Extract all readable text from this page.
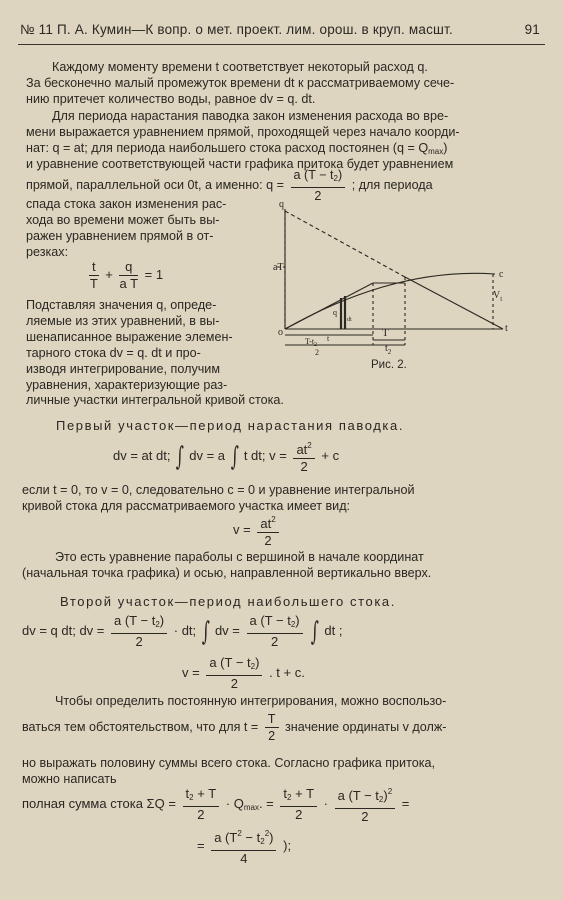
№ 11 П. А. Кумин—К вопр. о мет. проект. лим. орош. в круп. масшт.	91
Каждому моменту времени t соответствует некоторый расход q.
За бесконечно малый промежуток времени dt к рассматриваемому сече-
нию притечет количество воды, равное dv = q. dt.
Для периода нарастания паводка закон изменения расхода во вре-
мени выражается уравнением прямой, проходящей через начало коорди-
нат: q = at; для периода наибольшего стока расход постоянен $(q = Q_{max})$
и уравнение соответствующей части графика притока будет уравнением
прямой, параллельной оси 0t, а именно: $q = \frac{a (T - t_2)}{2}$ ; для периода
спада стока закон изменения рас-
хода во времени может быть вы-
ражен уравнением прямой в от-
резках:
$\frac{t}{T} + \frac{q}{\text{a T}} = 1$
Подставляя значения q, опреде-
ляемые из этих уравнений, в вы-
шенаписанное выражение элемен-
тарного стока dv = q. dt и про-
изводя интегрирование, получим
уравнения, характеризующие раз-
личные участки интегральной кривой стока.
q
aT
o	t
T
t
$t_2$
$V_t$
c
q
dt
$T-t_2$
2
Рис. 2.
Первый участок—период нарастания паводка.
dv = at dt; ∫ dv = a ∫ t dt; $v = \frac{at^2}{2} + c$
если t = 0, то v = 0, следовательно c = 0 и уравнение интегральной
кривой стока для рассматриваемого участка имеет вид:
$v = \frac{at^2}{2}$
Это есть уравнение параболы с вершиной в начале координат
(начальная точка графика) и осью, направленной вертикально вверх.
Второй участок—период наибольшего стока.
dv = q dt; dv = $\frac{a (T - t_2)}{2}$ · dt; ∫ dv = $\frac{a (T - t_2)}{2}$ ∫ dt ;
$v = \frac{a (T - t_2)}{2}$ . t + c.
Чтобы определить постоянную интегрирования, можно воспользо-
ваться тем обстоятельством, что для $t = \frac{T}{2}$ значение ординаты v долж-
но выражать половину суммы всего стока. Согласно графика притока,
можно написать
полная сумма стока $\Sigma Q = \frac{t_2 + T}{2} \cdot Q_{max}$. = $\frac{t_2 + T}{2} \cdot \frac{a (T - t_2)^2}{2}$ =
= $\frac{a (T^2 - t_2^2)}{4}$ );
